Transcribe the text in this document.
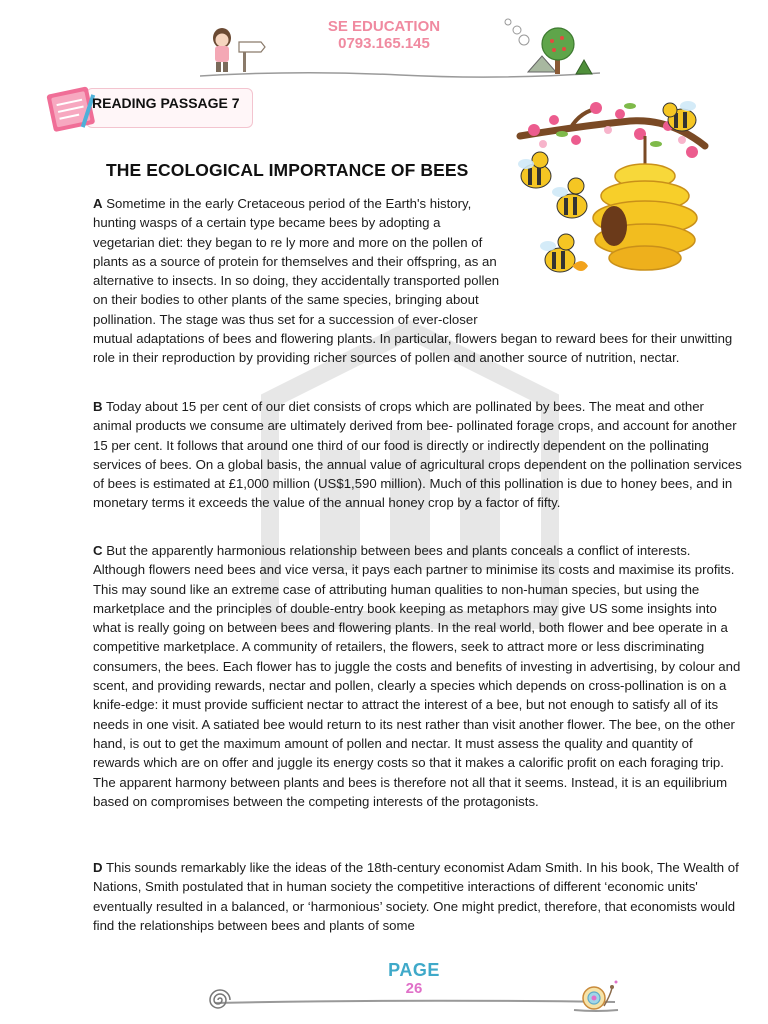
SE EDUCATION
0793.165.145
READING PASSAGE 7
THE ECOLOGICAL IMPORTANCE OF BEES
A Sometime in the early Cretaceous period of the Earth's history, hunting wasps of a certain type became bees by adopting a vegetarian diet: they began to re ly more and more on the pollen of plants as a source of protein for themselves and their offspring, as an alternative to insects. In so doing, they accidentally transported pollen on their bodies to other plants of the same species, bringing about pollination. The stage was thus set for a succession of ever-closer mutual adaptations of bees and flowering plants. In particular, flowers began to reward bees for their unwitting role in their reproduction by providing richer sources of pollen and another source of nutrition, nectar.
B Today about 15 per cent of our diet consists of crops which are pollinated by bees. The meat and other animal products we consume are ultimately derived from bee- pollinated forage crops, and account for another 15 per cent. It follows that around one third of our food is directly or indirectly dependent on the pollinating services of bees. On a global basis, the annual value of agricultural crops dependent on the pollination services of bees is estimated at £1,000 million (US$1,590 million). Much of this pollination is due to honey bees, and in monetary terms it exceeds the value of the annual honey crop by a factor of fifty.
C But the apparently harmonious relationship between bees and plants conceals a conflict of interests. Although flowers need bees and vice versa, it pays each partner to minimise its costs and maximise its profits. This may sound like an extreme case of attributing human qualities to non-human species, but using the marketplace and the principles of double-entry book keeping as metaphors may give US some insights into what is really going on between bees and flowering plants. In the real world, both flower and bee operate in a competitive marketplace. A community of retailers, the flowers, seek to attract more or less discriminating consumers, the bees. Each flower has to juggle the costs and benefits of investing in advertising, by colour and scent, and providing rewards, nectar and pollen, clearly a species which depends on cross-pollination is on a knife-edge: it must provide sufficient nectar to attract the interest of a bee, but not enough to satisfy all of its needs in one visit. A satiated bee would return to its nest rather than visit another flower. The bee, on the other hand, is out to get the maximum amount of pollen and nectar. It must assess the quality and quantity of rewards which are on offer and juggle its energy costs so that it makes a calorific profit on each foraging trip. The apparent harmony between plants and bees is therefore not all that it seems. Instead, it is an equilibrium based on compromises between the competing interests of the protagonists.
D This sounds remarkably like the ideas of the 18th-century economist Adam Smith. In his book, The Wealth of Nations, Smith postulated that in human society the competitive interactions of different ‘economic units' eventually resulted in a balanced, or ‘harmonious’ society. One might predict, therefore, that economists would find the relationships between bees and plants of some
PAGE
26
